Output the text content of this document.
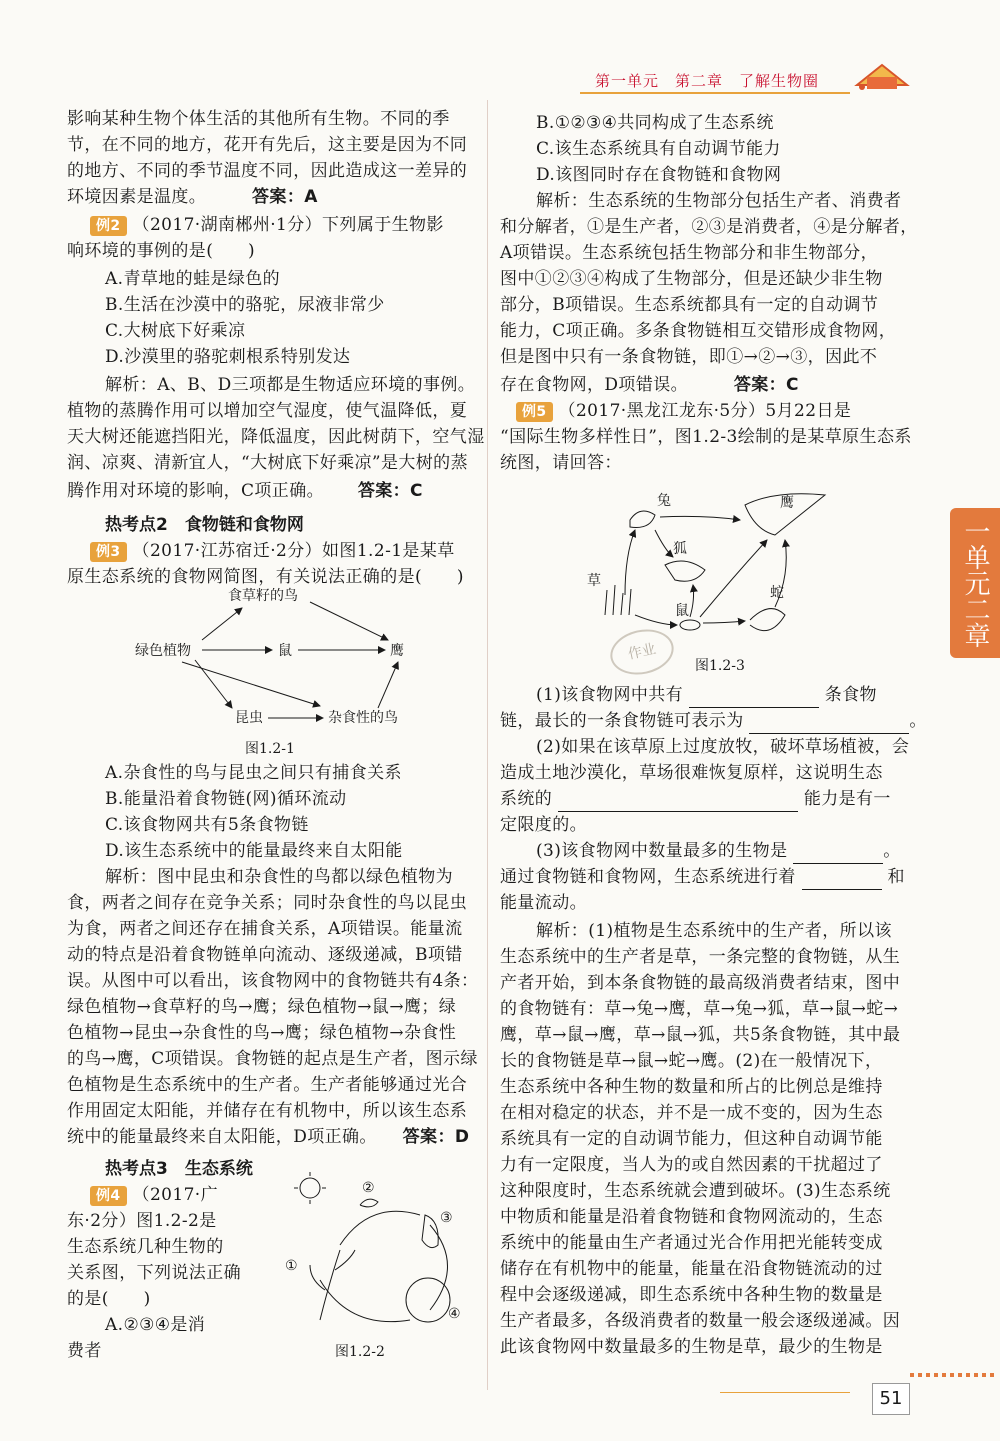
第一单元　第二章　了解生物圈
一单元二章
影响某种生物个体生活的其他所有生物。不同的季
节，在不同的地方，花开有先后，这主要是因为不同
的地方、不同的季节温度不同，因此造成这一差异的
环境因素是温度。	答案：A
例2 （2017·湖南郴州·1分）下列属于生物影
响环境的事例的是(　　)
A.青草地的蛙是绿色的
B.生活在沙漠中的骆驼，尿液非常少
C.大树底下好乘凉
D.沙漠里的骆驼刺根系特别发达
解析：A、B、D三项都是生物适应环境的事例。
植物的蒸腾作用可以增加空气湿度，使气温降低，夏
天大树还能遮挡阳光，降低温度，因此树荫下，空气湿
润、凉爽、清新宜人，“大树底下好乘凉”是大树的蒸
腾作用对环境的影响，C项正确。 答案：C
热考点2　食物链和食物网
例3 （2017·江苏宿迁·2分）如图1.2-1是某草
原生态系统的食物网简图，有关说法正确的是(　　)
食草籽的鸟
绿色植物	鼠	鹰
昆虫	杂食性的鸟
图1.2-1
A.杂食性的鸟与昆虫之间只有捕食关系
B.能量沿着食物链(网)循环流动
C.该食物网共有5条食物链
D.该生态系统中的能量最终来自太阳能
解析：图中昆虫和杂食性的鸟都以绿色植物为
食，两者之间存在竞争关系；同时杂食性的鸟以昆虫
为食，两者之间还存在捕食关系，A项错误。能量流
动的特点是沿着食物链单向流动、逐级递减，B项错
误。从图中可以看出，该食物网中的食物链共有4条：
绿色植物→食草籽的鸟→鹰；绿色植物→鼠→鹰；绿
色植物→昆虫→杂食性的鸟→鹰；绿色植物→杂食性
的鸟→鹰，C项错误。食物链的起点是生产者，图示绿
色植物是生态系统中的生产者。生产者能够通过光合
作用固定太阳能，并储存在有机物中，所以该生态系
统中的能量最终来自太阳能，D项正确。 答案：D
热考点3　生态系统
例4 （2017·广
东·2分）图1.2-2是
生态系统几种生物的
关系图，下列说法正确
的是(　　)
A.②③④是消
费者
①
②
③
④
图1.2-2
B.①②③④共同构成了生态系统
C.该生态系统具有自动调节能力
D.该图同时存在食物链和食物网
解析：生态系统的生物部分包括生产者、消费者
和分解者，①是生产者，②③是消费者，④是分解者，
A项错误。生态系统包括生物部分和非生物部分，
图中①②③④构成了生物部分，但是还缺少非生物
部分，B项错误。生态系统都具有一定的自动调节
能力，C项正确。多条食物链相互交错形成食物网，
但是图中只有一条食物链，即①→②→③，因此不
存在食物网，D项错误。	答案：C
例5 （2017·黑龙江龙东·5分）5月22日是
“国际生物多样性日”，图1.2-3绘制的是某草原生态系
统图，请回答：
兔	鹰
狐
草
鼠
蛇
作业
图1.2-3
(1)该食物网中共有	条食物
链，最长的一条食物链可表示为	。
(2)如果在该草原上过度放牧，破坏草场植被，会
造成土地沙漠化，草场很难恢复原样，这说明生态
系统的	能力是有一
定限度的。
(3)该食物网中数量最多的生物是	。
通过食物链和食物网，生态系统进行着	和
能量流动。
解析：(1)植物是生态系统中的生产者，所以该
生态系统中的生产者是草，一条完整的食物链，从生
产者开始，到本条食物链的最高级消费者结束，图中
的食物链有：草→兔→鹰，草→兔→狐，草→鼠→蛇→
鹰，草→鼠→鹰，草→鼠→狐，共5条食物链，其中最
长的食物链是草→鼠→蛇→鹰。(2)在一般情况下，
生态系统中各种生物的数量和所占的比例总是维持
在相对稳定的状态，并不是一成不变的，因为生态
系统具有一定的自动调节能力，但这种自动调节能
力有一定限度，当人为的或自然因素的干扰超过了
这种限度时，生态系统就会遭到破坏。(3)生态系统
中物质和能量是沿着食物链和食物网流动的，生态
系统中的能量由生产者通过光合作用把光能转变成
储存在有机物中的能量，能量在沿食物链流动的过
程中会逐级递减，即生态系统中各种生物的数量是
生产者最多，各级消费者的数量一般会逐级递减。因
此该食物网中数量最多的生物是草，最少的生物是
51
